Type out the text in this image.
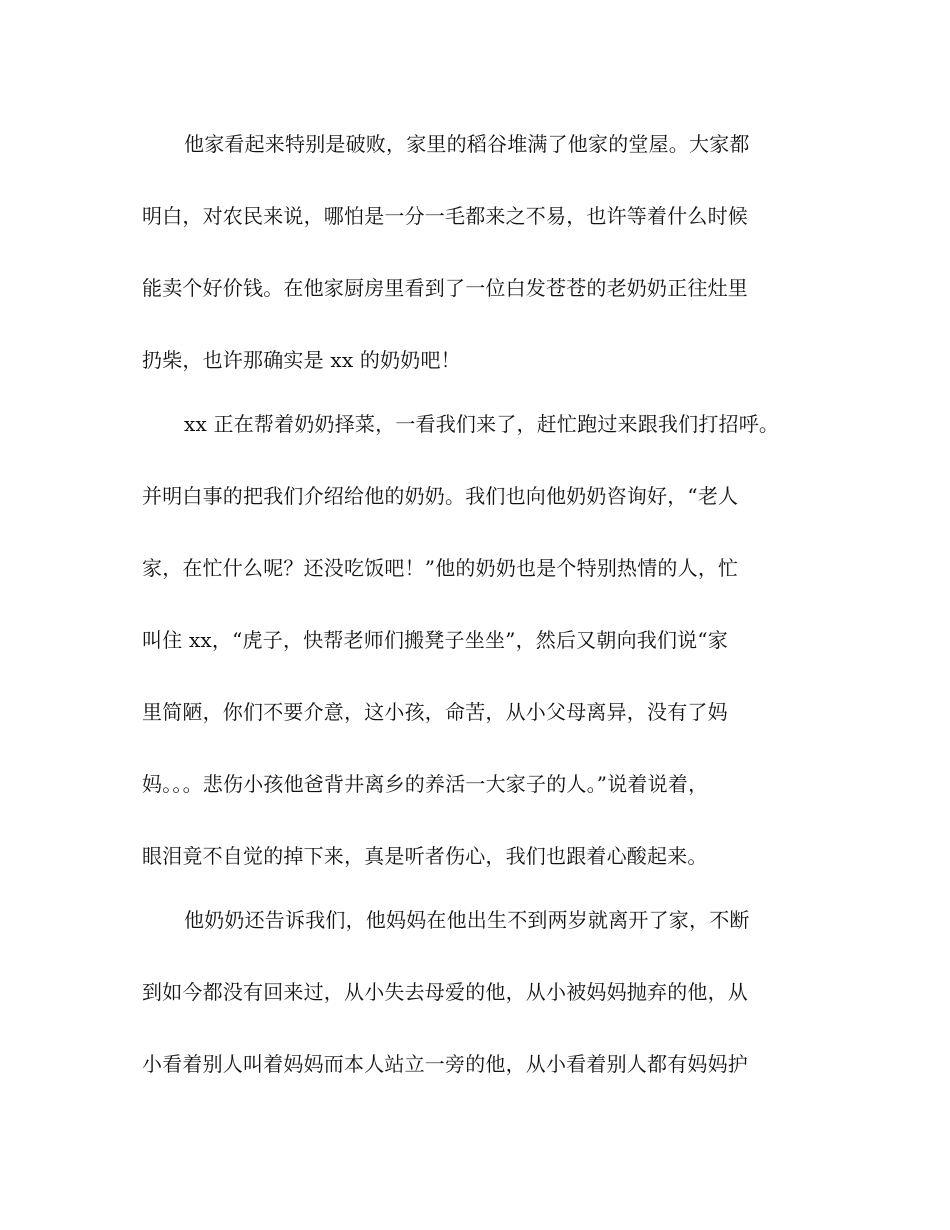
他家看起来特别是破败，家里的稻谷堆满了他家的堂屋。大家都

明白，对农民来说，哪怕是一分一毛都来之不易，也许等着什么时候

能卖个好价钱。在他家厨房里看到了一位白发苍苍的老奶奶正往灶里

扔柴，也许那确实是 xx 的奶奶吧！

xx 正在帮着奶奶择菜，一看我们来了，赶忙跑过来跟我们打招呼。

并明白事的把我们介绍给他的奶奶。我们也向他奶奶咨询好，“老人

家，在忙什么呢？还没吃饭吧！”他的奶奶也是个特别热情的人，忙

叫住 xx，“虎子，快帮老师们搬凳子坐坐”，然后又朝向我们说“家

里简陋，你们不要介意，这小孩，命苦，从小父母离异，没有了妈

妈。。。悲伤小孩他爸背井离乡的养活一大家子的人。”说着说着，

眼泪竟不自觉的掉下来，真是听者伤心，我们也跟着心酸起来。

他奶奶还告诉我们，他妈妈在他出生不到两岁就离开了家，不断

到如今都没有回来过，从小失去母爱的他，从小被妈妈抛弃的他，从

小看着别人叫着妈妈而本人站立一旁的他，从小看着别人都有妈妈护
